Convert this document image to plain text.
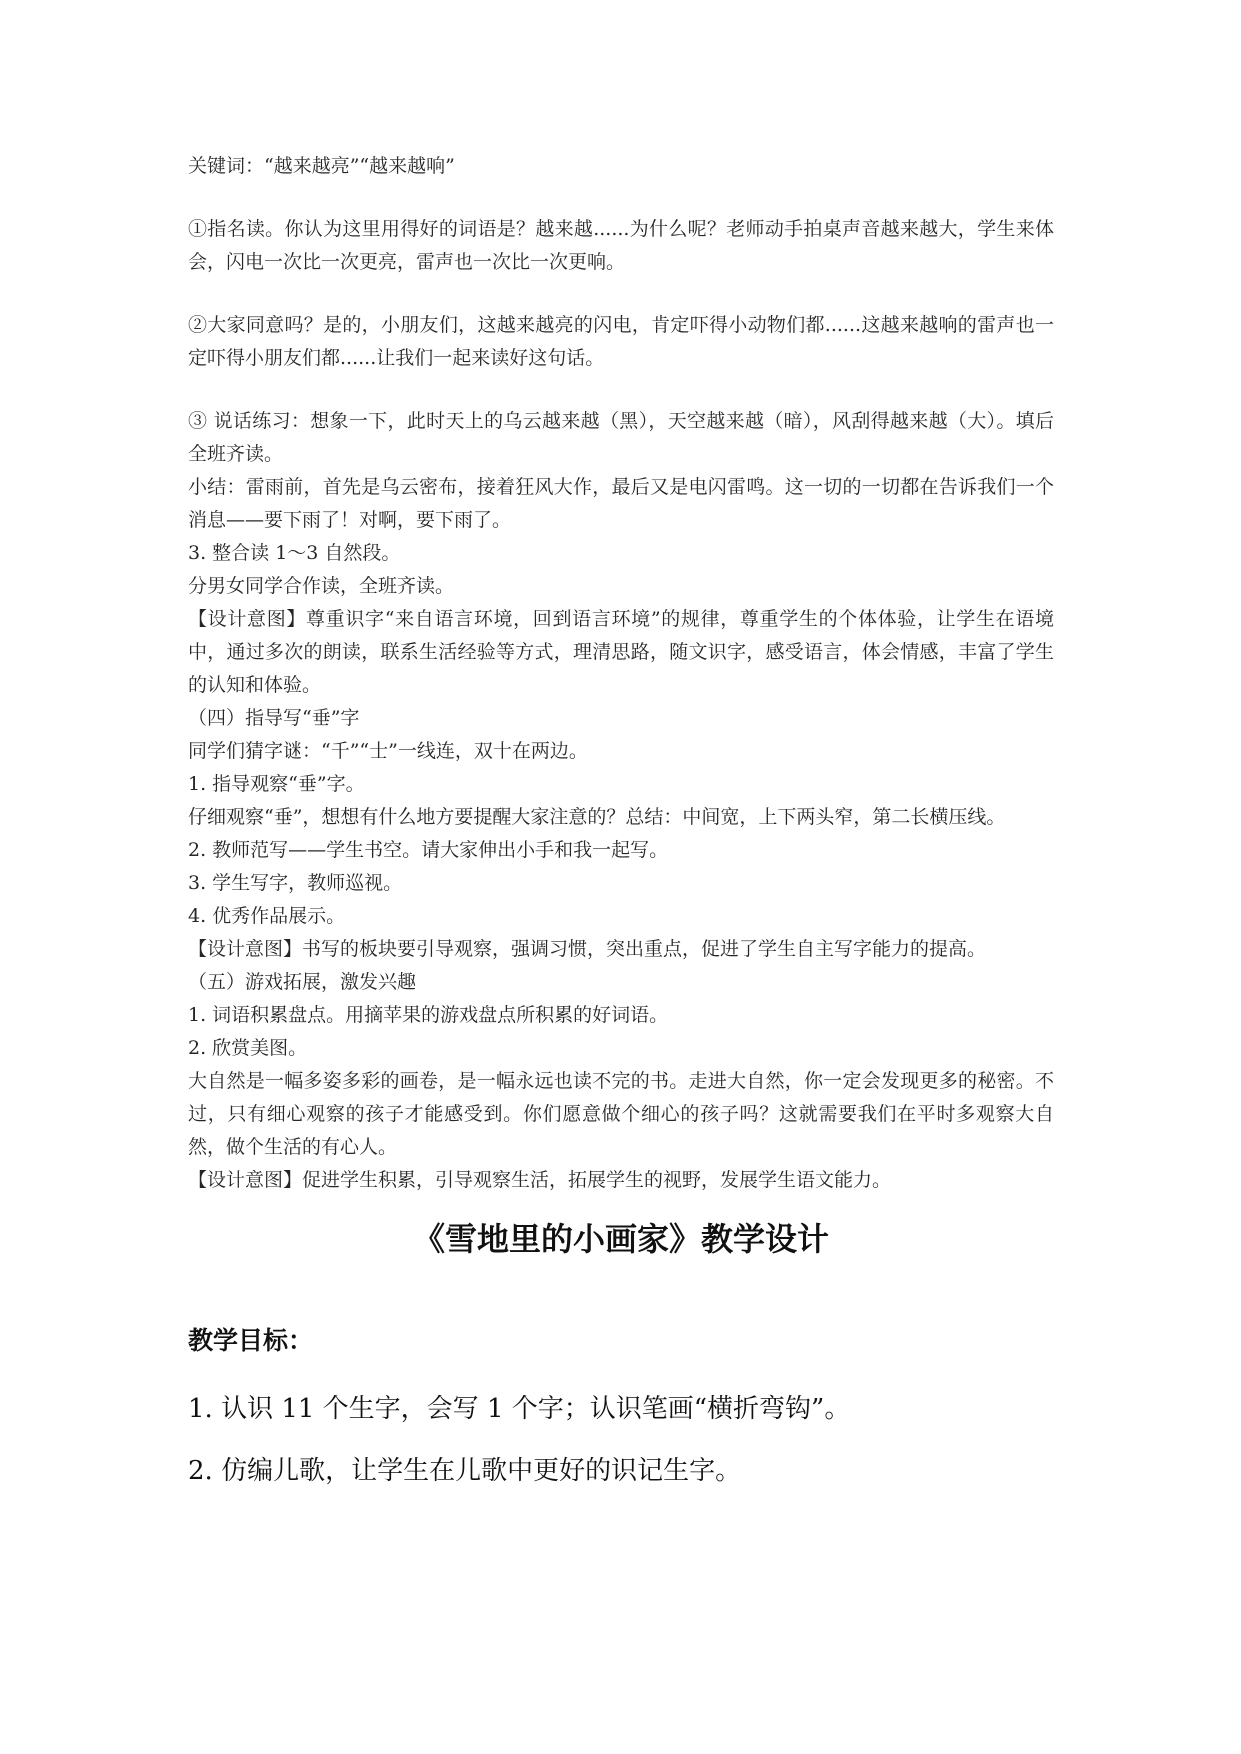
关键词：“越来越亮”“越来越响”

①指名读。你认为这里用得好的词语是？越来越......为什么呢？老师动手拍桌声音越来越大，学生来体会，闪电一次比一次更亮，雷声也一次比一次更响。

②大家同意吗？是的，小朋友们，这越来越亮的闪电，肯定吓得小动物们都......这越来越响的雷声也一定吓得小朋友们都......让我们一起来读好这句话。

③ 说话练习：想象一下，此时天上的乌云越来越（黑），天空越来越（暗），风刮得越来越（大）。填后全班齐读。

小结：雷雨前，首先是乌云密布，接着狂风大作，最后又是电闪雷鸣。这一切的一切都在告诉我们一个消息——要下雨了！对啊，要下雨了。

3. 整合读 1～3 自然段。

分男女同学合作读，全班齐读。

【设计意图】尊重识字“来自语言环境，回到语言环境”的规律，尊重学生的个体体验，让学生在语境中，通过多次的朗读，联系生活经验等方式，理清思路，随文识字，感受语言，体会情感，丰富了学生的认知和体验。

（四）指导写“垂”字

同学们猜字谜：“千”“士”一线连，双十在两边。

1. 指导观察“垂”字。

仔细观察“垂”，想想有什么地方要提醒大家注意的？总结：中间宽，上下两头窄，第二长横压线。

2. 教师范写——学生书空。请大家伸出小手和我一起写。

3. 学生写字，教师巡视。

4. 优秀作品展示。

【设计意图】书写的板块要引导观察，强调习惯，突出重点，促进了学生自主写字能力的提高。

（五）游戏拓展，激发兴趣

1. 词语积累盘点。用摘苹果的游戏盘点所积累的好词语。

2. 欣赏美图。

大自然是一幅多姿多彩的画卷，是一幅永远也读不完的书。走进大自然，你一定会发现更多的秘密。不过，只有细心观察的孩子才能感受到。你们愿意做个细心的孩子吗？这就需要我们在平时多观察大自然，做个生活的有心人。

【设计意图】促进学生积累，引导观察生活，拓展学生的视野，发展学生语文能力。

《雪地里的小画家》教学设计
教学目标：

1. 认识 11 个生字，会写 1 个字；认识笔画“横折弯钩”。

2. 仿编儿歌，让学生在儿歌中更好的识记生字。
